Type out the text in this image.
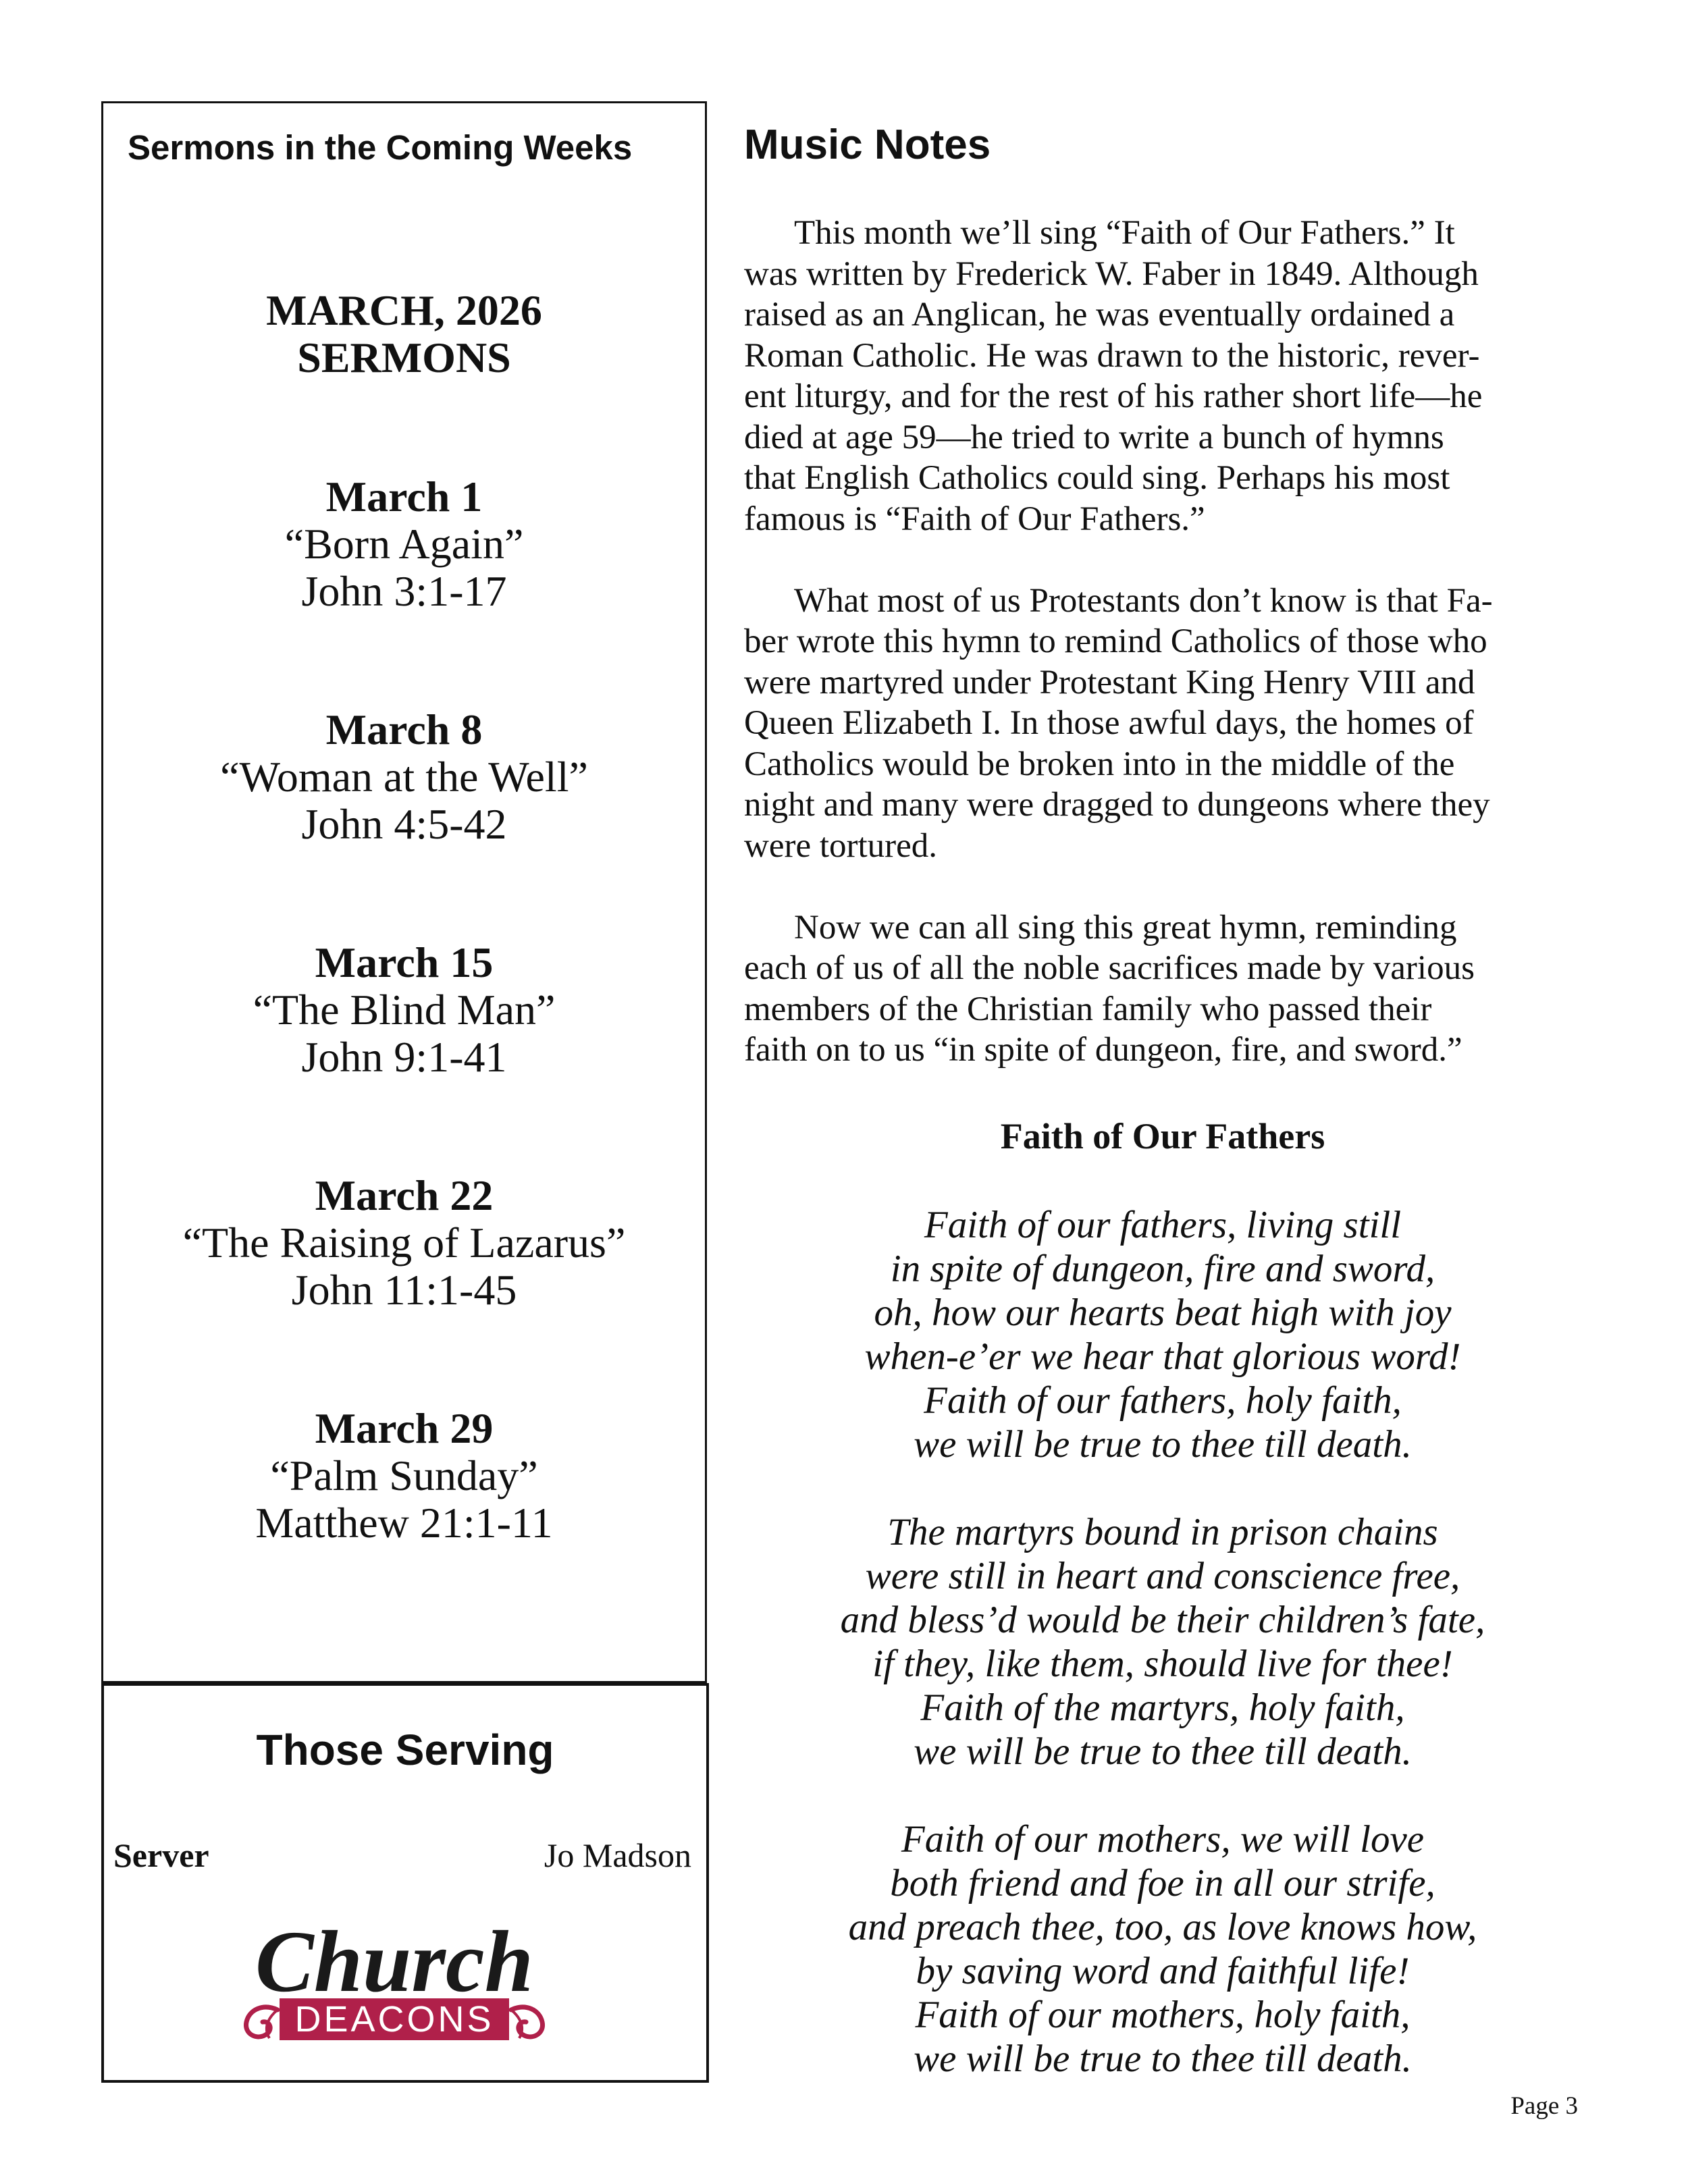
Sermons in the Coming Weeks
MARCH, 2026
SERMONS
March 1
“Born Again”
John 3:1-17
March 8
“Woman at the Well”
John 4:5-42
March 15
“The Blind Man”
John 9:1-41
March 22
“The Raising of Lazarus”
John 11:1-45
March 29
“Palm Sunday”
Matthew 21:1-11
Those Serving
Server	Jo Madson
DEACONS
Church
Music Notes

This month we’ll sing “Faith of Our Fathers.” It
was written by Frederick W. Faber in 1849. Although
raised as an Anglican, he was eventually ordained a
Roman Catholic. He was drawn to the historic, rever-
ent liturgy, and for the rest of his rather short life—he
died at age 59—he tried to write a bunch of hymns
that English Catholics could sing. Perhaps his most
famous is “Faith of Our Fathers.”

What most of us Protestants don’t know is that Fa-
ber wrote this hymn to remind Catholics of those who
were martyred under Protestant King Henry VIII and
Queen Elizabeth I. In those awful days, the homes of
Catholics would be broken into in the middle of the
night and many were dragged to dungeons where they
were tortured.

Now we can all sing this great hymn, reminding
each of us of all the noble sacrifices made by various
members of the Christian family who passed their
faith on to us “in spite of dungeon, fire, and sword.”

Faith of Our Fathers
Faith of our fathers, living still
in spite of dungeon, fire and sword,
oh, how our hearts beat high with joy
when-e’er we hear that glorious word!
Faith of our fathers, holy faith,
we will be true to thee till death.
The martyrs bound in prison chains
were still in heart and conscience free,
and bless’d would be their children’s fate,
if they, like them, should live for thee!
Faith of the martyrs, holy faith,
we will be true to thee till death.
Faith of our mothers, we will love
both friend and foe in all our strife,
and preach thee, too, as love knows how,
by saving word and faithful life!
Faith of our mothers, holy faith,
we will be true to thee till death.
Page 3
